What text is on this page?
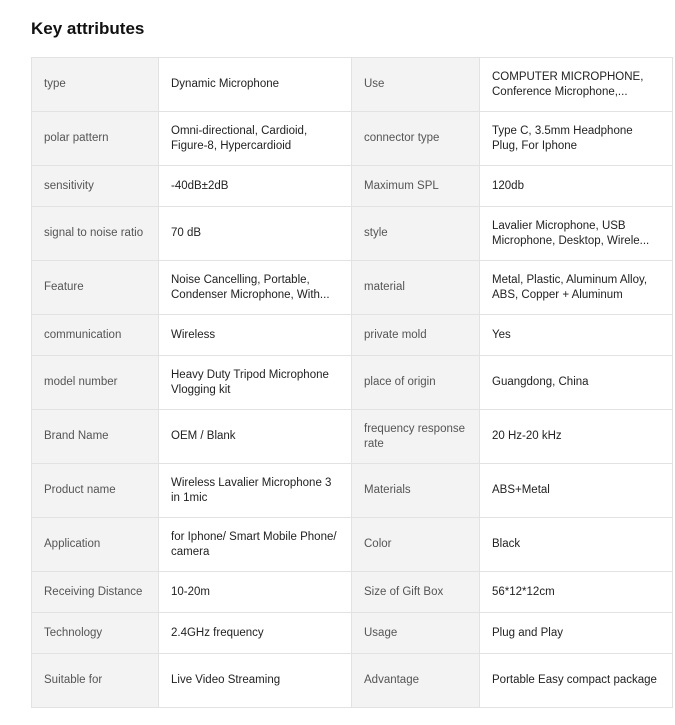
Key attributes
type	Dynamic Microphone	Use	COMPUTER MICROPHONE, Conference Microphone,...

polar pattern	Omni-directional, Cardioid, Figure-8, Hypercardioid	connector type	Type C, 3.5mm Headphone Plug, For Iphone

sensitivity	-40dB±2dB	Maximum SPL	120db

signal to noise ratio	70 dB	style	Lavalier Microphone, USB Microphone, Desktop, Wirele...

Feature	Noise Cancelling, Portable, Condenser Microphone, With...	material	Metal, Plastic, Aluminum Alloy, ABS, Copper + Aluminum

communication	Wireless	private mold	Yes

model number	Heavy Duty Tripod Microphone Vlogging kit	place of origin	Guangdong, China

Brand Name	OEM / Blank	frequency response rate	20 Hz-20 kHz

Product name	Wireless Lavalier Microphone 3 in 1mic	Materials	ABS+Metal

Application	for Iphone/ Smart Mobile Phone/ camera	Color	Black

Receiving Distance	10-20m	Size of Gift Box	56*12*12cm

Technology	2.4GHz frequency	Usage	Plug and Play

Suitable for	Live Video Streaming	Advantage	Portable Easy compact package
